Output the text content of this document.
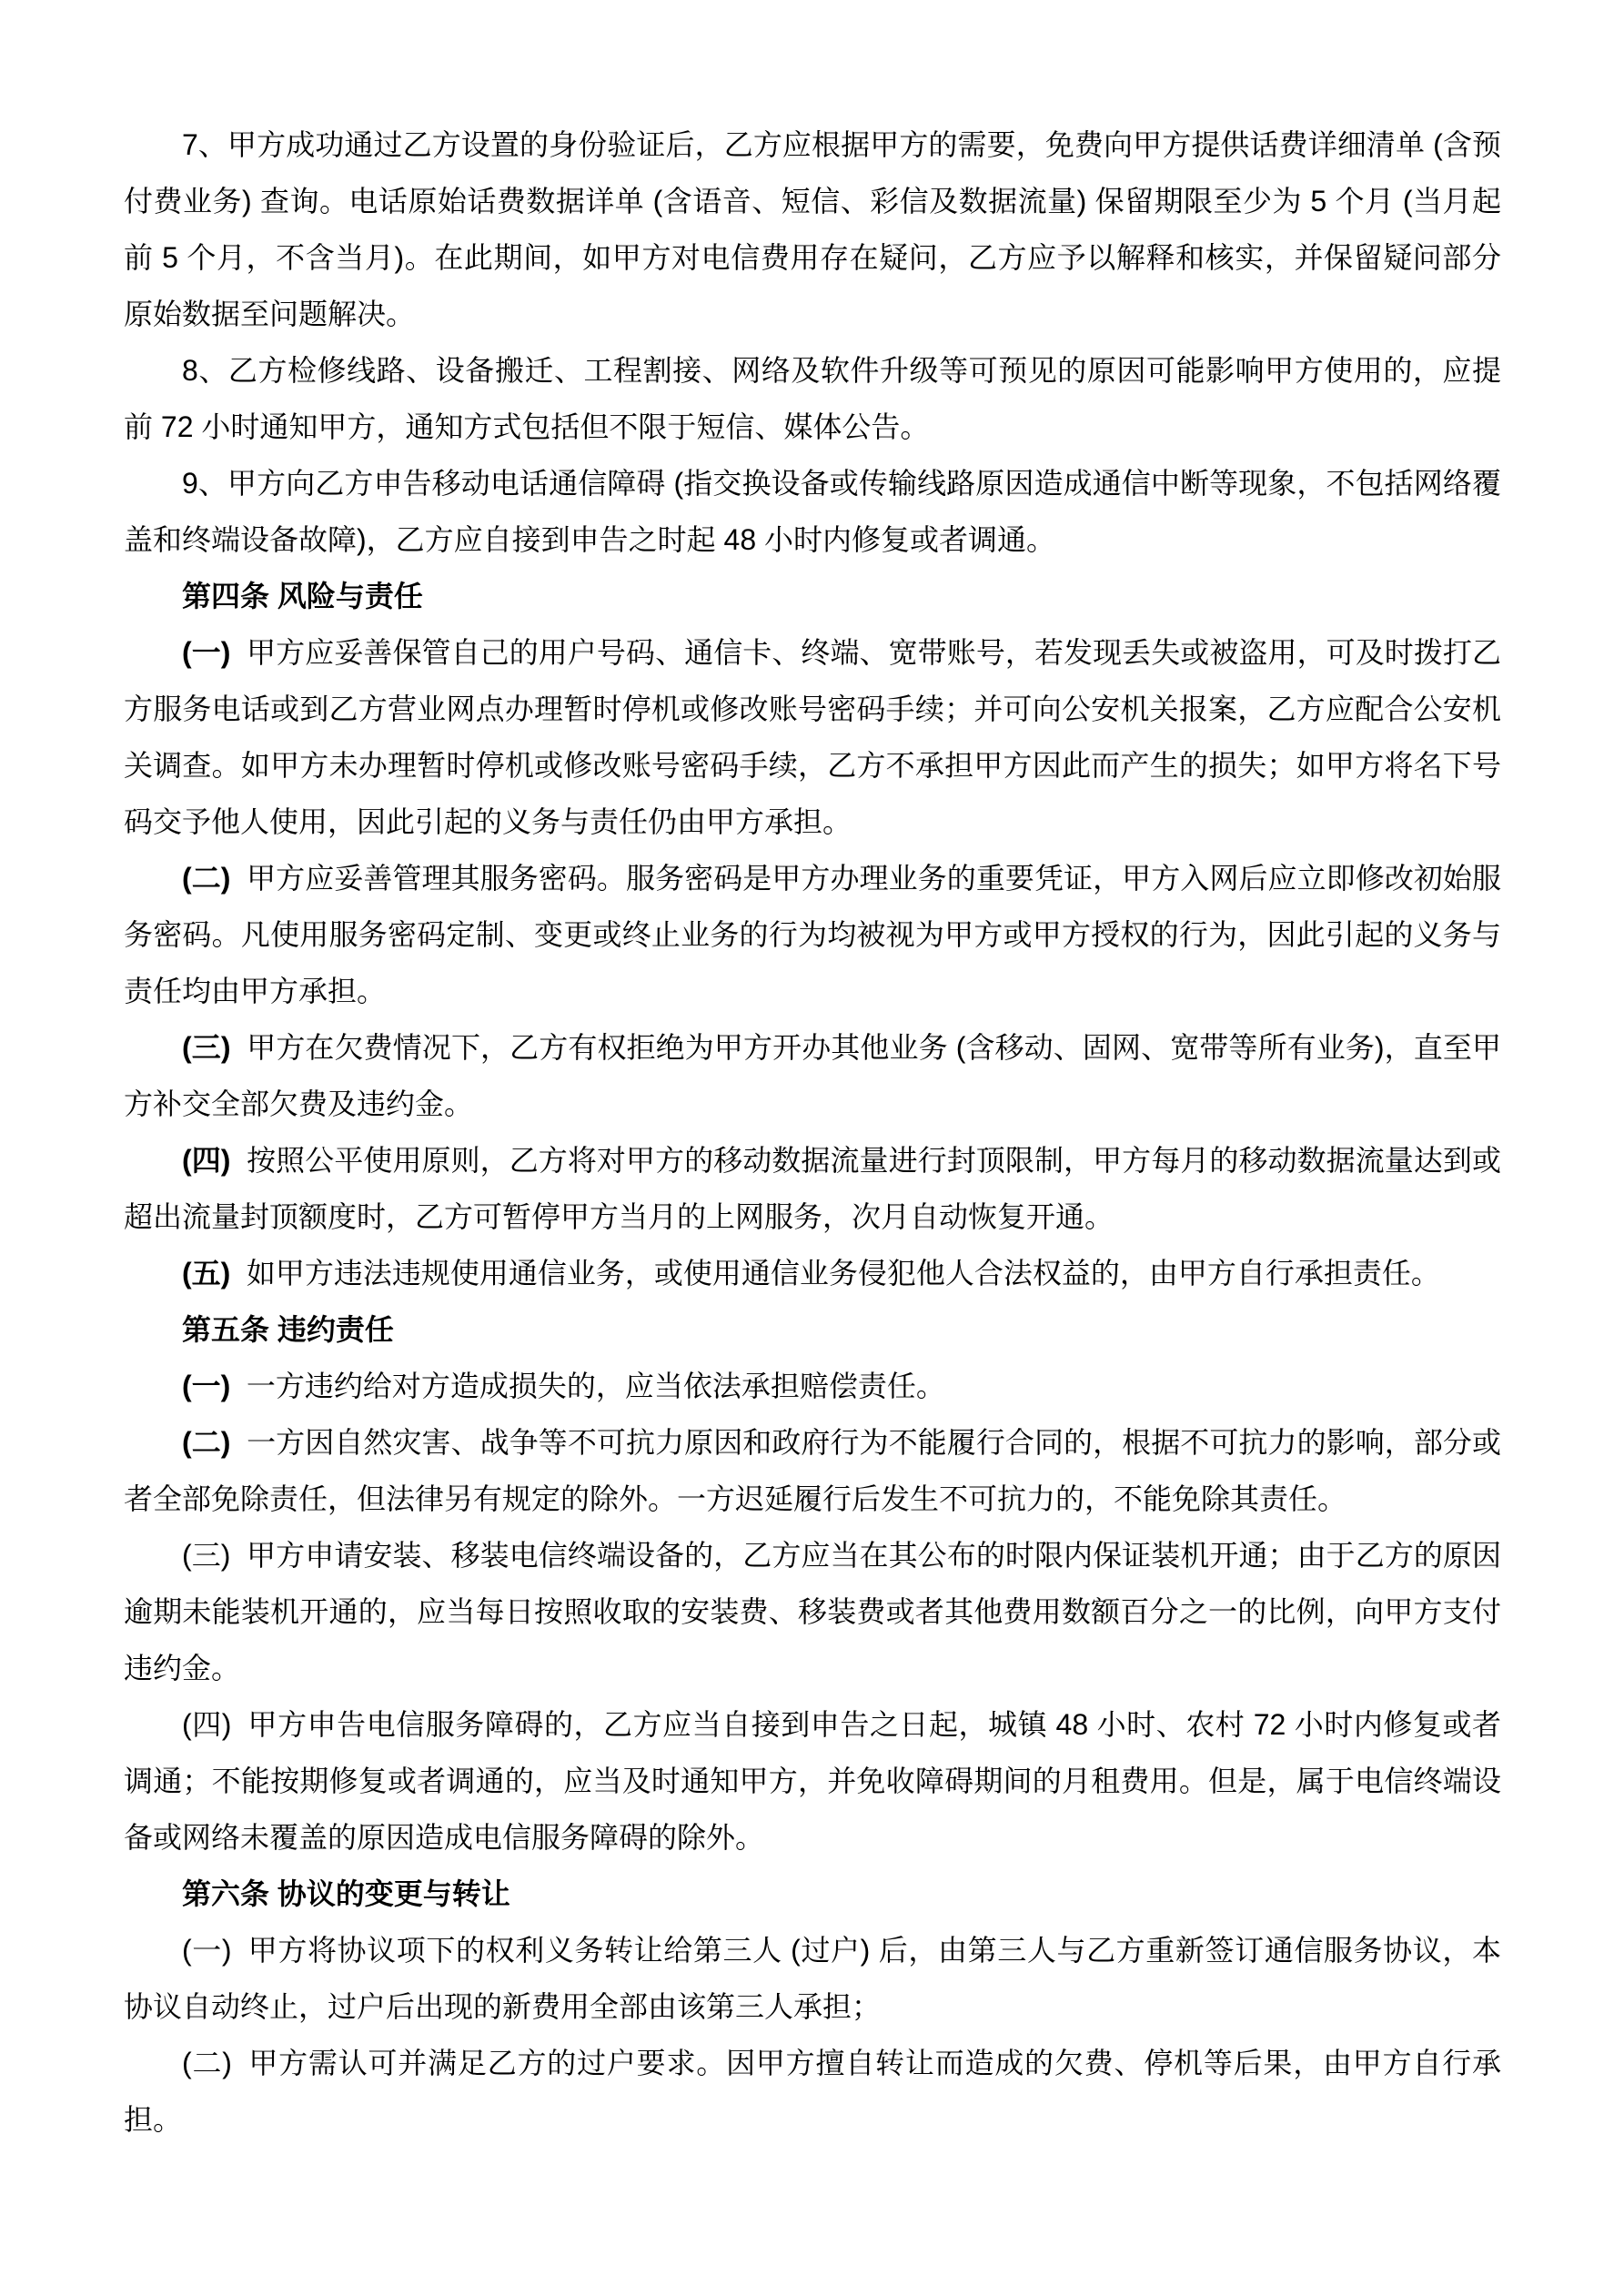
7、甲方成功通过乙方设置的身份验证后，乙方应根据甲方的需要，免费向甲方提供话费详细清单 (含预付费业务) 查询。电话原始话费数据详单 (含语音、短信、彩信及数据流量) 保留期限至少为 5 个月 (当月起前 5 个月，不含当月)。在此期间，如甲方对电信费用存在疑问，乙方应予以解释和核实，并保留疑问部分原始数据至问题解决。

8、乙方检修线路、设备搬迁、工程割接、网络及软件升级等可预见的原因可能影响甲方使用的，应提前 72 小时通知甲方，通知方式包括但不限于短信、媒体公告。

9、甲方向乙方申告移动电话通信障碍 (指交换设备或传输线路原因造成通信中断等现象，不包括网络覆盖和终端设备故障)，乙方应自接到申告之时起 48 小时内修复或者调通。

第四条 风险与责任

(一) 甲方应妥善保管自己的用户号码、通信卡、终端、宽带账号，若发现丢失或被盗用，可及时拨打乙方服务电话或到乙方营业网点办理暂时停机或修改账号密码手续；并可向公安机关报案，乙方应配合公安机关调查。如甲方未办理暂时停机或修改账号密码手续，乙方不承担甲方因此而产生的损失；如甲方将名下号码交予他人使用，因此引起的义务与责任仍由甲方承担。

(二) 甲方应妥善管理其服务密码。服务密码是甲方办理业务的重要凭证，甲方入网后应立即修改初始服务密码。凡使用服务密码定制、变更或终止业务的行为均被视为甲方或甲方授权的行为，因此引起的义务与责任均由甲方承担。

(三) 甲方在欠费情况下，乙方有权拒绝为甲方开办其他业务 (含移动、固网、宽带等所有业务)，直至甲方补交全部欠费及违约金。

(四) 按照公平使用原则，乙方将对甲方的移动数据流量进行封顶限制，甲方每月的移动数据流量达到或超出流量封顶额度时，乙方可暂停甲方当月的上网服务，次月自动恢复开通。

(五) 如甲方违法违规使用通信业务，或使用通信业务侵犯他人合法权益的，由甲方自行承担责任。

第五条 违约责任

(一) 一方违约给对方造成损失的，应当依法承担赔偿责任。

(二) 一方因自然灾害、战争等不可抗力原因和政府行为不能履行合同的，根据不可抗力的影响，部分或者全部免除责任，但法律另有规定的除外。一方迟延履行后发生不可抗力的，不能免除其责任。

(三) 甲方申请安装、移装电信终端设备的，乙方应当在其公布的时限内保证装机开通；由于乙方的原因逾期未能装机开通的，应当每日按照收取的安装费、移装费或者其他费用数额百分之一的比例，向甲方支付违约金。

(四) 甲方申告电信服务障碍的，乙方应当自接到申告之日起，城镇 48 小时、农村 72 小时内修复或者调通；不能按期修复或者调通的，应当及时通知甲方，并免收障碍期间的月租费用。但是，属于电信终端设备或网络未覆盖的原因造成电信服务障碍的除外。

第六条 协议的变更与转让

(一) 甲方将协议项下的权利义务转让给第三人 (过户) 后，由第三人与乙方重新签订通信服务协议，本协议自动终止，过户后出现的新费用全部由该第三人承担；

(二) 甲方需认可并满足乙方的过户要求。因甲方擅自转让而造成的欠费、停机等后果，由甲方自行承担。
